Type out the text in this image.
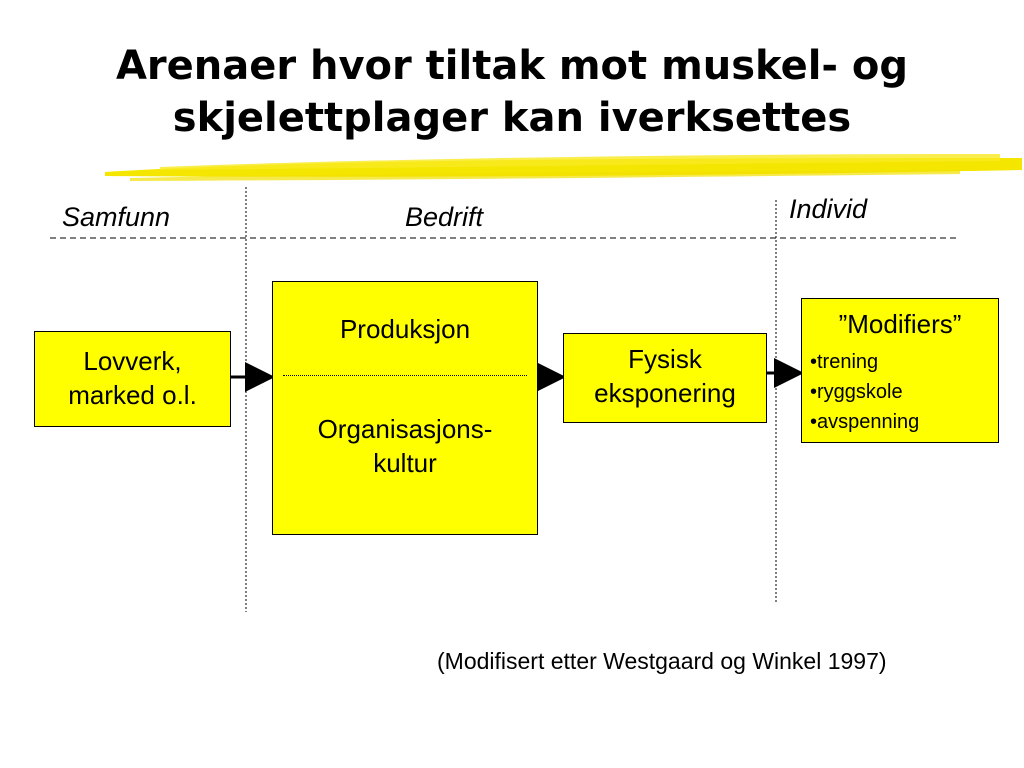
Arenaer hvor tiltak mot muskel- og
skjelettplager kan iverksettes
Samfunn	Bedrift	Individ
Lovverk,
marked o.l.
Produksjon
Organisasjons-
kultur
Fysisk
eksponering
”Modifiers”
•trening
•ryggskole
•avspenning
(Modifisert etter Westgaard og Winkel 1997)
